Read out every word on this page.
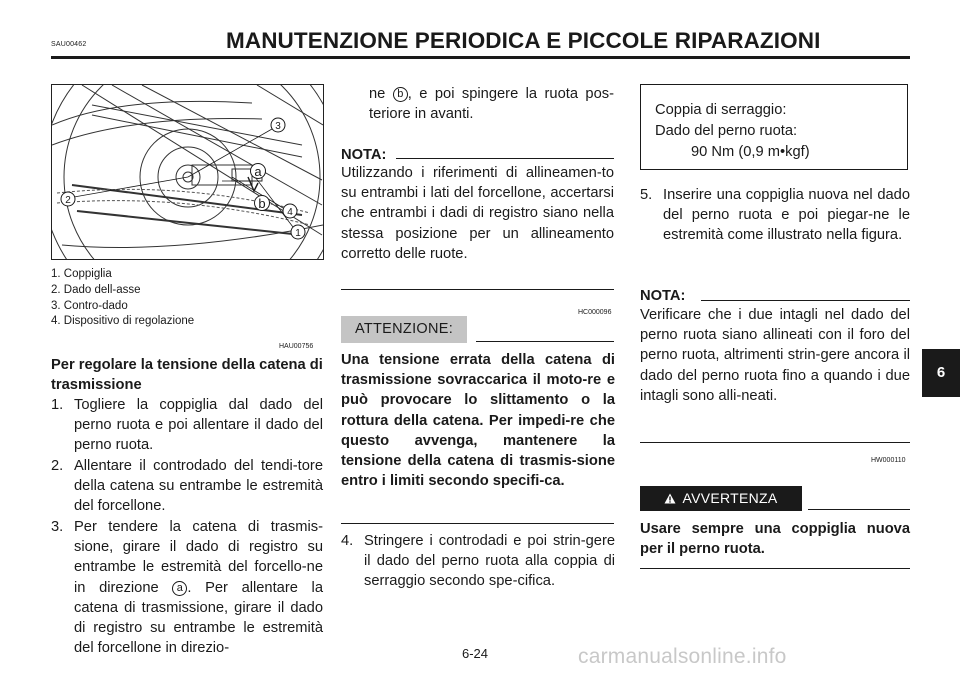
SAU00462	MANUTENZIONE PERIODICA E PICCOLE RIPARAZIONI
3
a
b
4
1
2
1. Coppiglia
2. Dado dell-asse
3. Contro-dado
4. Dispositivo di regolazione
HAU00756
Per regolare la tensione della catena di trasmissione
1. Togliere la coppiglia dal dado del perno ruota e poi allentare il dado del perno ruota.
2. Allentare il controdado del tendi-tore della catena su entrambe le estremità del forcellone.
3. Per tendere la catena di trasmis-sione, girare il dado di registro su entrambe le estremità del forcello-ne in direzione a . Per allentare la catena di trasmissione, girare il dado di registro su entrambe le estremità del forcellone in direzio-
ne b , e poi spingere la ruota pos-teriore in avanti.
NOTA:
Utilizzando i riferimenti di allineamen-to su entrambi i lati del forcellone, accertarsi che entrambi i dadi di registro siano nella stessa posizione per un allineamento corretto delle ruote.
HC000096
ATTENZIONE:
Una tensione errata della catena di trasmissione sovraccarica il moto-re e può provocare lo slittamento o la rottura della catena. Per impedi-re che questo avvenga, mantenere la tensione della catena di trasmis-sione entro i limiti secondo specifi-ca.
4. Stringere i controdadi e poi strin-gere il dado del perno ruota alla coppia di serraggio secondo spe-cifica.
Coppia di serraggio:
Dado del perno ruota:
90 Nm (0,9 m•kgf)
5. Inserire una coppiglia nuova nel dado del perno ruota e poi piegar-ne le estremità come illustrato nella figura.
NOTA:
Verificare che i due intagli nel dado del perno ruota siano allineati con il foro del perno ruota, altrimenti strin-gere ancora il dado del perno ruota fino a quando i due intagli sono alli-neati.
HW000110
AVVERTENZA
Usare sempre una coppiglia nuova per il perno ruota.
6
6-24	carmanualsonline.info
